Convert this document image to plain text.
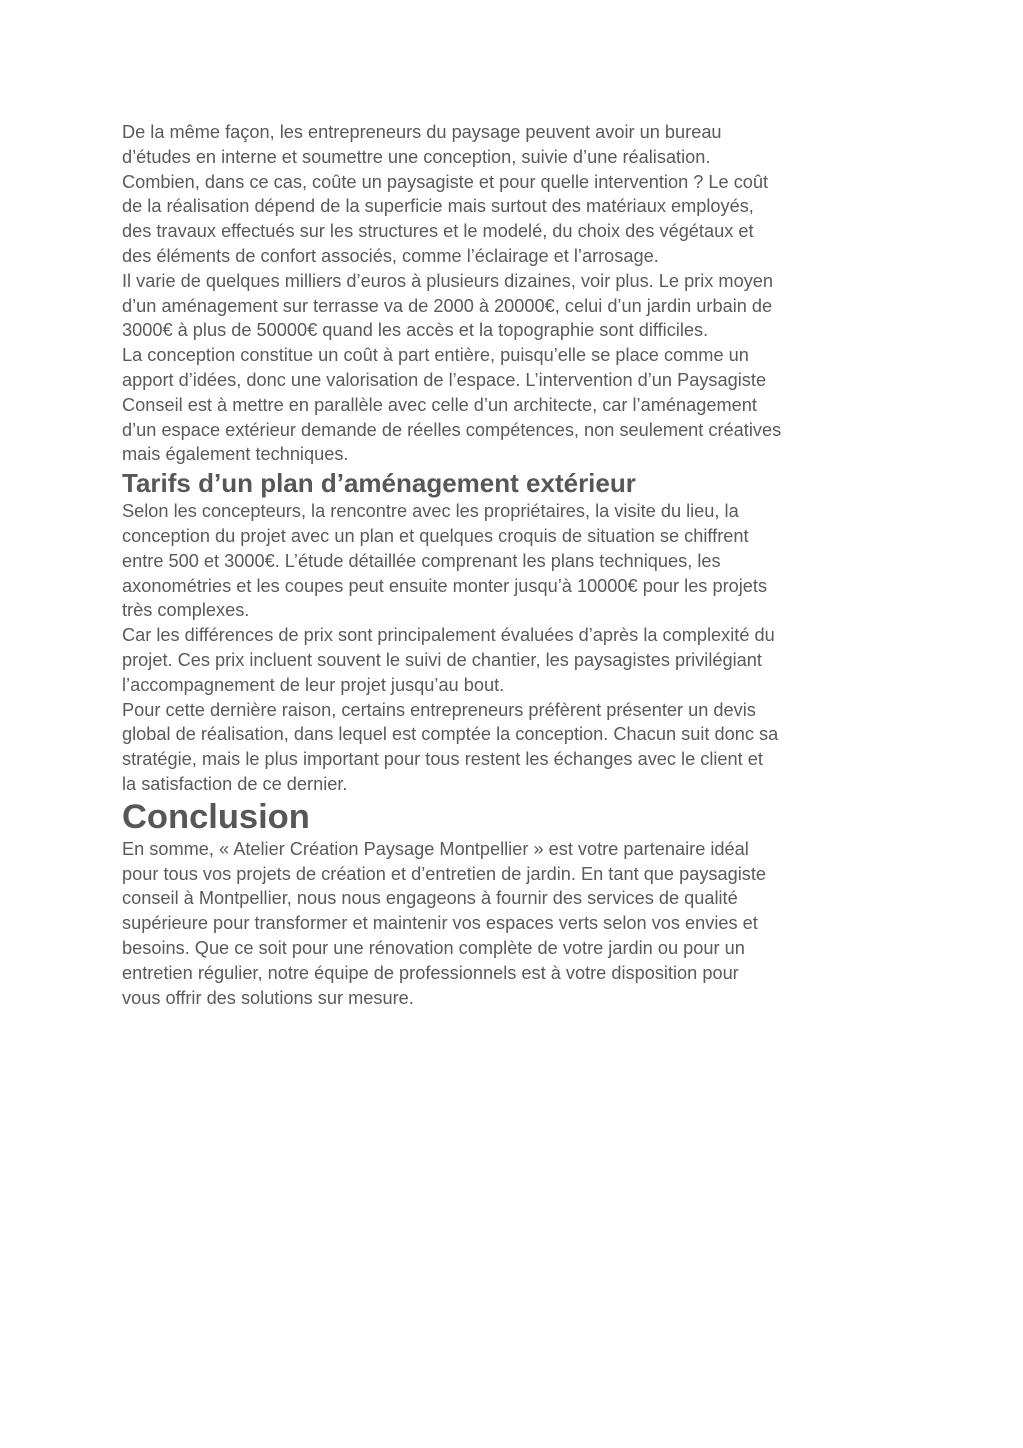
De la même façon, les entrepreneurs du paysage peuvent avoir un bureau
d’études en interne et soumettre une conception, suivie d’une réalisation.
Combien, dans ce cas, coûte un paysagiste et pour quelle intervention ? Le coût
de la réalisation dépend de la superficie mais surtout des matériaux employés,
des travaux effectués sur les structures et le modelé, du choix des végétaux et
des éléments de confort associés, comme l’éclairage et l’arrosage.

Il varie de quelques milliers d’euros à plusieurs dizaines, voir plus. Le prix moyen
d’un aménagement sur terrasse va de 2000 à 20000€, celui d’un jardin urbain de
3000€ à plus de 50000€ quand les accès et la topographie sont difficiles.

La conception constitue un coût à part entière, puisqu’elle se place comme un
apport d’idées, donc une valorisation de l’espace. L’intervention d’un Paysagiste
Conseil est à mettre en parallèle avec celle d’un architecte, car l’aménagement
d’un espace extérieur demande de réelles compétences, non seulement créatives
mais également techniques.

Tarifs d’un plan d’aménagement extérieur

Selon les concepteurs, la rencontre avec les propriétaires, la visite du lieu, la
conception du projet avec un plan et quelques croquis de situation se chiffrent
entre 500 et 3000€. L’étude détaillée comprenant les plans techniques, les
axonométries et les coupes peut ensuite monter jusqu’à 10000€ pour les projets
très complexes.

Car les différences de prix sont principalement évaluées d’après la complexité du
projet. Ces prix incluent souvent le suivi de chantier, les paysagistes privilégiant
l’accompagnement de leur projet jusqu’au bout.

Pour cette dernière raison, certains entrepreneurs préfèrent présenter un devis
global de réalisation, dans lequel est comptée la conception. Chacun suit donc sa
stratégie, mais le plus important pour tous restent les échanges avec le client et
la satisfaction de ce dernier.

Conclusion

En somme, « Atelier Création Paysage Montpellier » est votre partenaire idéal
pour tous vos projets de création et d’entretien de jardin. En tant que paysagiste
conseil à Montpellier, nous nous engageons à fournir des services de qualité
supérieure pour transformer et maintenir vos espaces verts selon vos envies et
besoins. Que ce soit pour une rénovation complète de votre jardin ou pour un
entretien régulier, notre équipe de professionnels est à votre disposition pour
vous offrir des solutions sur mesure.
